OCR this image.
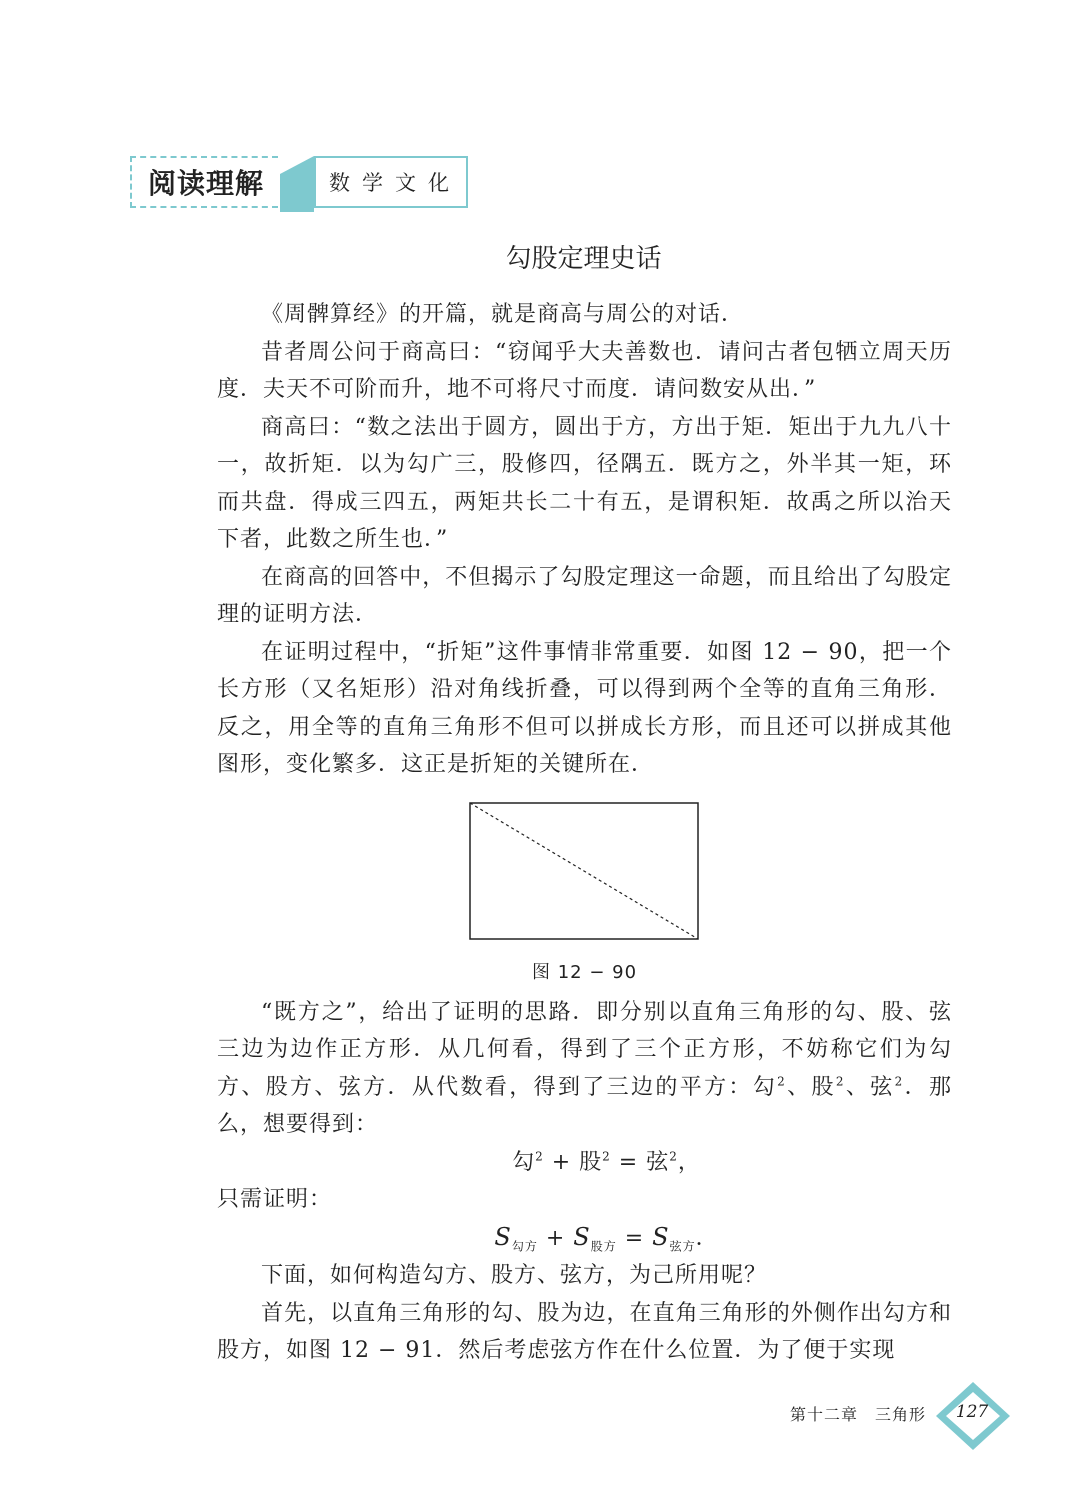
阅读理解	数学文化
勾股定理史话

《周髀算经》的开篇，就是商高与周公的对话．

昔者周公问于商高曰：“窃闻乎大夫善数也．请问古者包牺立周天历度．夫天不可阶而升，地不可将尺寸而度．请问数安从出．”

商高曰：“数之法出于圆方，圆出于方，方出于矩．矩出于九九八十一，故折矩．以为勾广三，股修四，径隅五．既方之，外半其一矩，环而共盘．得成三四五，两矩共长二十有五，是谓积矩．故禹之所以治天下者，此数之所生也．”

在商高的回答中，不但揭示了勾股定理这一命题，而且给出了勾股定理的证明方法．

在证明过程中，“折矩”这件事情非常重要．如图 12 − 90，把一个长方形（又名矩形）沿对角线折叠，可以得到两个全等的直角三角形．反之，用全等的直角三角形不但可以拼成长方形，而且还可以拼成其他图形，变化繁多．这正是折矩的关键所在．

图 12 − 90

“既方之”，给出了证明的思路．即分别以直角三角形的勾、股、弦三边为边作正方形．从几何看，得到了三个正方形，不妨称它们为勾方、股方、弦方．从代数看，得到了三边的平方：勾$^2$、股$^2$、弦$^2$．那么，想要得到：

勾$^2$ + 股$^2$ = 弦$^2$，

只需证明：

$S_{勾方} + S_{股方} = S_{弦方}$．

下面，如何构造勾方、股方、弦方，为己所用呢？

首先，以直角三角形的勾、股为边，在直角三角形的外侧作出勾方和股方，如图 12 − 91．然后考虑弦方作在什么位置．为了便于实现

第十二章　三角形 127
